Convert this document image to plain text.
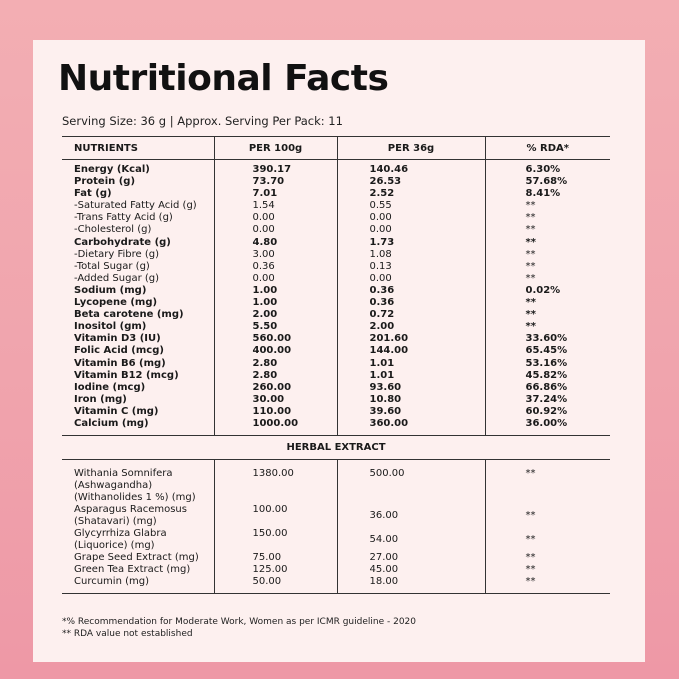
Nutritional Facts
Serving Size: 36 g | Approx. Serving Per Pack: 11
NUTRIENTS	PER 100g	PER 36g	% RDA*
Energy (Kcal)	390.17	140.46	6.30%
Protein (g)	73.70	26.53	57.68%
Fat (g)	7.01	2.52	8.41%
-Saturated Fatty Acid (g)	1.54	0.55	**
-Trans Fatty Acid (g)	0.00	0.00	**
-Cholesterol (g)	0.00	0.00	**
Carbohydrate (g)	4.80	1.73	**
-Dietary Fibre (g)	3.00	1.08	**
-Total Sugar (g)	0.36	0.13	**
-Added Sugar (g)	0.00	0.00	**
Sodium (mg)	1.00	0.36	0.02%
Lycopene (mg)	1.00	0.36	**
Beta carotene (mg)	2.00	0.72	**
Inositol (gm)	5.50	2.00	**
Vitamin D3 (IU)	560.00	201.60	33.60%
Folic Acid (mcg)	400.00	144.00	65.45%
Vitamin B6 (mg)	2.80	1.01	53.16%
Vitamin B12 (mcg)	2.80	1.01	45.82%
Iodine (mcg)	260.00	93.60	66.86%
Iron (mg)	30.00	10.80	37.24%
Vitamin C (mg)	110.00	39.60	60.92%
Calcium (mg)	1000.00	360.00	36.00%
HERBAL EXTRACT			

Withania Somnifera
(Ashwagandha)
(Withanolides 1 %) (mg)	1380.00	500.00	**

Asparagus Racemosus
(Shatavari) (mg)	100.00	36.00	**

Glycyrrhiza Glabra
(Liquorice) (mg)	150.00	54.00	**

Grape Seed Extract (mg)	75.00	27.00	**

Green Tea Extract (mg)	125.00	45.00	**

Curcumin (mg)	50.00	18.00	**
*% Recommendation for Moderate Work, Women as per ICMR guideline - 2020
** RDA value not established
